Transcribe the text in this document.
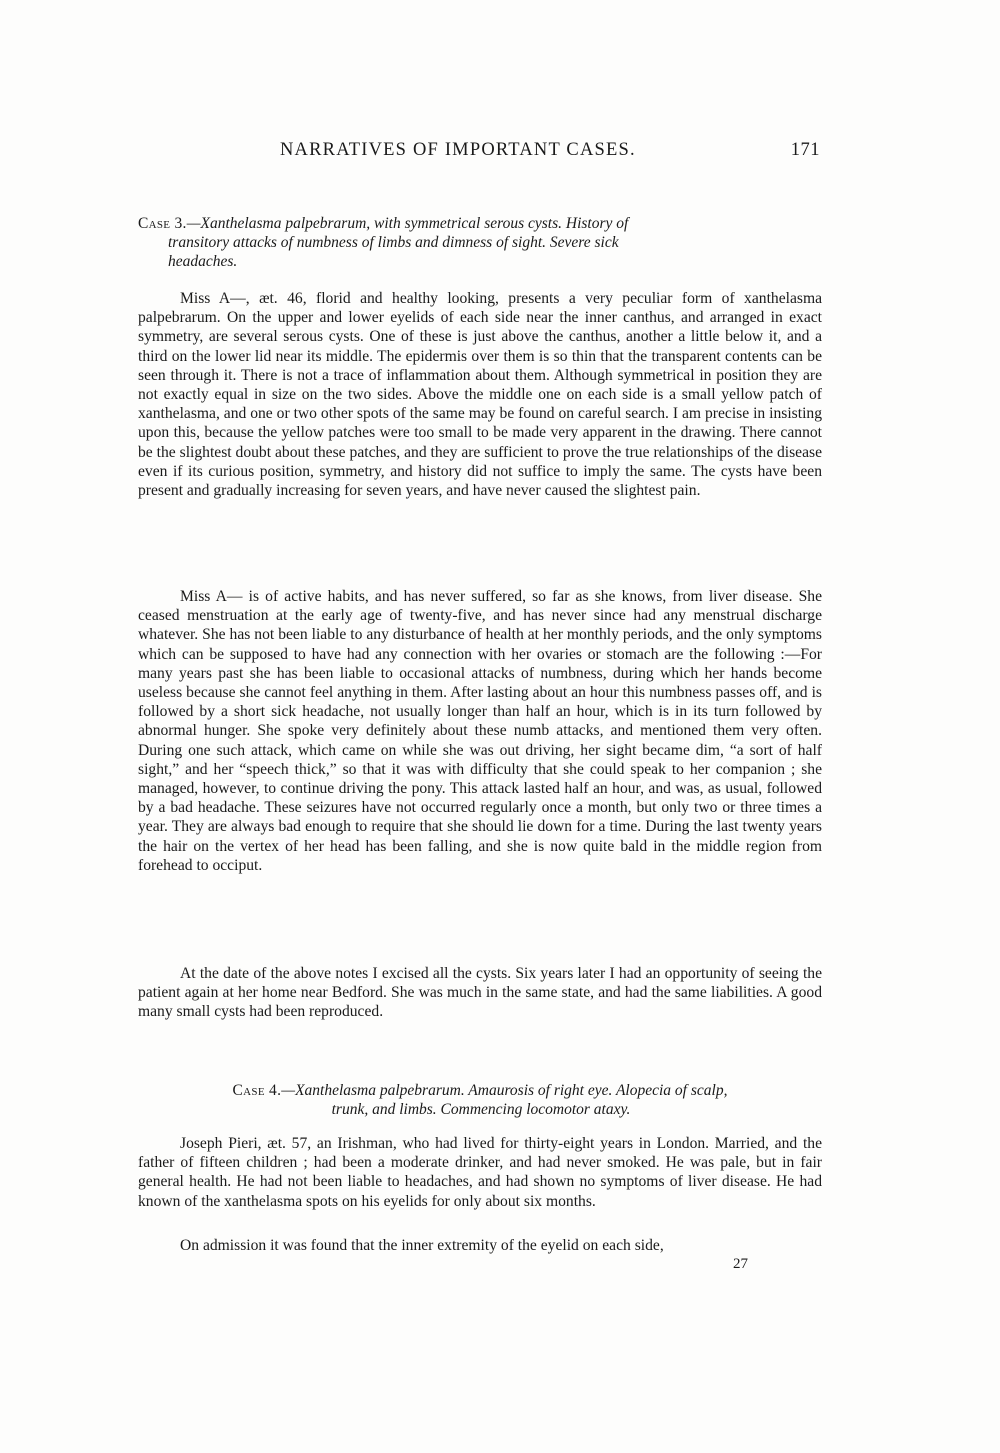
NARRATIVES OF IMPORTANT CASES.	171
Case 3.—Xanthelasma palpebrarum, with symmetrical serous cysts. History of
transitory attacks of numbness of limbs and dimness of sight. Severe sick
headaches.

Miss A—, æt. 46, florid and healthy looking, presents a very peculiar form of xanthelasma palpebrarum. On the upper and lower eyelids of each side near the inner canthus, and arranged in exact symmetry, are several serous cysts. One of these is just above the canthus, another a little below it, and a third on the lower lid near its middle. The epidermis over them is so thin that the transparent contents can be seen through it. There is not a trace of inflammation about them. Although symmetrical in position they are not exactly equal in size on the two sides. Above the middle one on each side is a small yellow patch of xanthelasma, and one or two other spots of the same may be found on careful search. I am precise in insisting upon this, because the yellow patches were too small to be made very apparent in the drawing. There cannot be the slightest doubt about these patches, and they are sufficient to prove the true relationships of the disease even if its curious position, symmetry, and history did not suffice to imply the same. The cysts have been present and gradually increasing for seven years, and have never caused the slightest pain.

Miss A— is of active habits, and has never suffered, so far as she knows, from liver disease. She ceased menstruation at the early age of twenty-five, and has never since had any menstrual discharge whatever. She has not been liable to any disturbance of health at her monthly periods, and the only symptoms which can be supposed to have had any connection with her ovaries or stomach are the following :—For many years past she has been liable to occasional attacks of numbness, during which her hands become useless because she cannot feel anything in them. After lasting about an hour this numbness passes off, and is followed by a short sick headache, not usually longer than half an hour, which is in its turn followed by abnormal hunger. She spoke very definitely about these numb attacks, and mentioned them very often. During one such attack, which came on while she was out driving, her sight became dim, “a sort of half sight,” and her “speech thick,” so that it was with difficulty that she could speak to her companion ; she managed, however, to continue driving the pony. This attack lasted half an hour, and was, as usual, followed by a bad headache. These seizures have not occurred regularly once a month, but only two or three times a year. They are always bad enough to require that she should lie down for a time. During the last twenty years the hair on the vertex of her head has been falling, and she is now quite bald in the middle region from forehead to occiput.

At the date of the above notes I excised all the cysts. Six years later I had an opportunity of seeing the patient again at her home near Bedford. She was much in the same state, and had the same liabilities. A good many small cysts had been reproduced.

Case 4.—Xanthelasma palpebrarum. Amaurosis of right eye. Alopecia of scalp,
trunk, and limbs. Commencing locomotor ataxy.

Joseph Pieri, æt. 57, an Irishman, who had lived for thirty-eight years in London. Married, and the father of fifteen children ; had been a moderate drinker, and had never smoked. He was pale, but in fair general health. He had not been liable to headaches, and had shown no symptoms of liver disease. He had known of the xanthelasma spots on his eyelids for only about six months.

On admission it was found that the inner extremity of the eyelid on each side,

27
